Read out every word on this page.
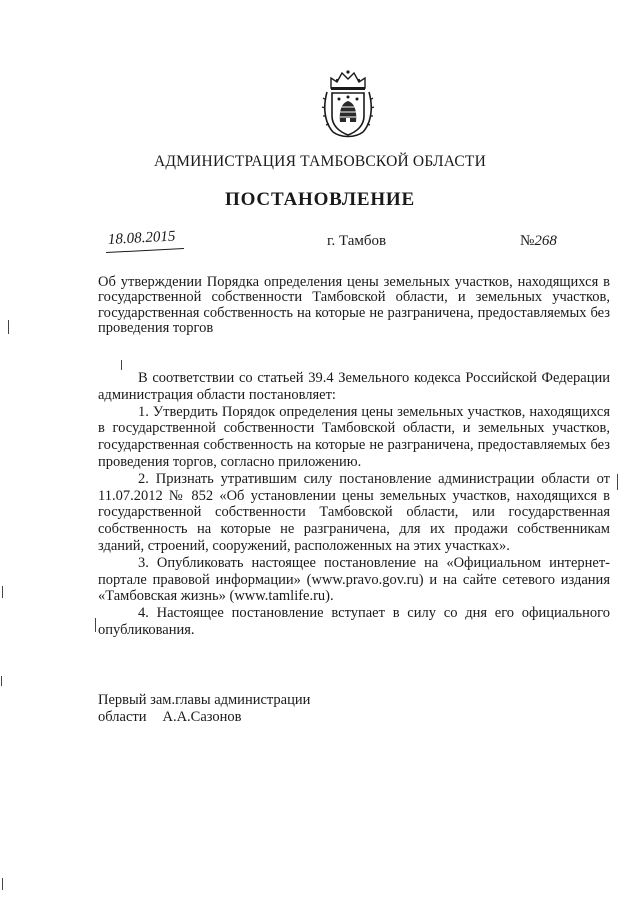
АДМИНИСТРАЦИЯ ТАМБОВСКОЙ ОБЛАСТИ
ПОСТАНОВЛЕНИЕ
18.08.2015	г. Тамбов	№268
Об утверждении Порядка определения цены земельных участков, находящихся в государственной собственности Тамбовской области, и земельных участков, государственная собственность на которые не разграничена, предоставляемых без проведения торгов

В соответствии со статьей 39.4 Земельного кодекса Российской Федерации администрация области постановляет:

1. Утвердить Порядок определения цены земельных участков, находящихся в государственной собственности Тамбовской области, и земельных участков, государственная собственность на которые не разграничена, предоставляемых без проведения торгов, согласно приложению.

2. Признать утратившим силу постановление администрации области от 11.07.2012 № 852 «Об установлении цены земельных участков, находящихся в государственной собственности Тамбовской области, или государственная собственность на которые не разграничена, для их продажи собственникам зданий, строений, сооружений, расположенных на этих участках».

3. Опубликовать настоящее постановление на «Официальном интернет-портале правовой информации» (www.pravo.gov.ru) и на сайте сетевого издания «Тамбовская жизнь» (www.tamlife.ru).

4. Настоящее постановление вступает в силу со дня его официального опубликования.

Первый зам.главы администрации
области А.А.Сазонов
